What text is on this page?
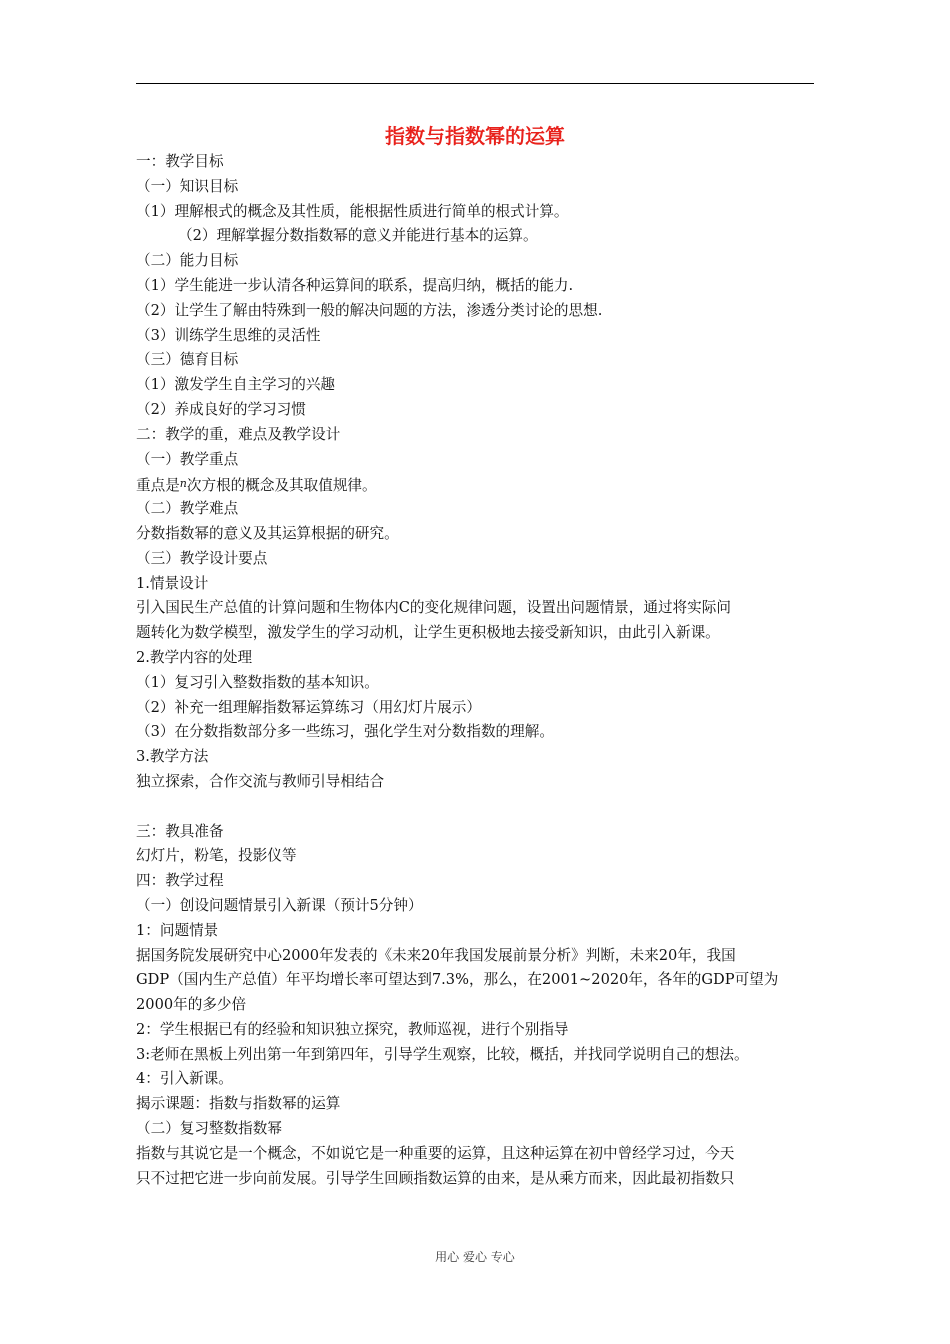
指数与指数幂的运算
一：教学目标
（一）知识目标
（1）理解根式的概念及其性质，能根据性质进行简单的根式计算。
（2）理解掌握分数指数幂的意义并能进行基本的运算。
（二）能力目标
（1）学生能进一步认清各种运算间的联系，提高归纳，概括的能力.
（2）让学生了解由特殊到一般的解决问题的方法，渗透分类讨论的思想.
（3）训练学生思维的灵活性
（三）德育目标
（1）激发学生自主学习的兴趣
（2）养成良好的学习习惯
二：教学的重，难点及教学设计
（一）教学重点
重点是$^n$次方根的概念及其取值规律。
（二）教学难点
分数指数幂的意义及其运算根据的研究。
（三）教学设计要点
1.情景设计
引入国民生产总值的计算问题和生物体内C的变化规律问题，设置出问题情景，通过将实际问
题转化为数学模型，激发学生的学习动机，让学生更积极地去接受新知识，由此引入新课。
2.教学内容的处理
（1）复习引入整数指数的基本知识。
（2）补充一组理解指数幂运算练习（用幻灯片展示）
（3）在分数指数部分多一些练习，强化学生对分数指数的理解。
3.教学方法
独立探索，合作交流与教师引导相结合
三：教具准备
幻灯片，粉笔，投影仪等
四：教学过程
（一）创设问题情景引入新课（预计5分钟）
1：问题情景
据国务院发展研究中心2000年发表的《未来20年我国发展前景分析》判断，未来20年，我国
GDP（国内生产总值）年平均增长率可望达到7.3%，那么，在2001~2020年，各年的GDP可望为
2000年的多少倍
2：学生根据已有的经验和知识独立探究，教师巡视，进行个别指导
3:老师在黑板上列出第一年到第四年，引导学生观察，比较，概括，并找同学说明自己的想法。
4：引入新课。
揭示课题：指数与指数幂的运算
（二）复习整数指数幂
指数与其说它是一个概念，不如说它是一种重要的运算，且这种运算在初中曾经学习过，今天
只不过把它进一步向前发展。引导学生回顾指数运算的由来，是从乘方而来，因此最初指数只
用心 爱心 专心
